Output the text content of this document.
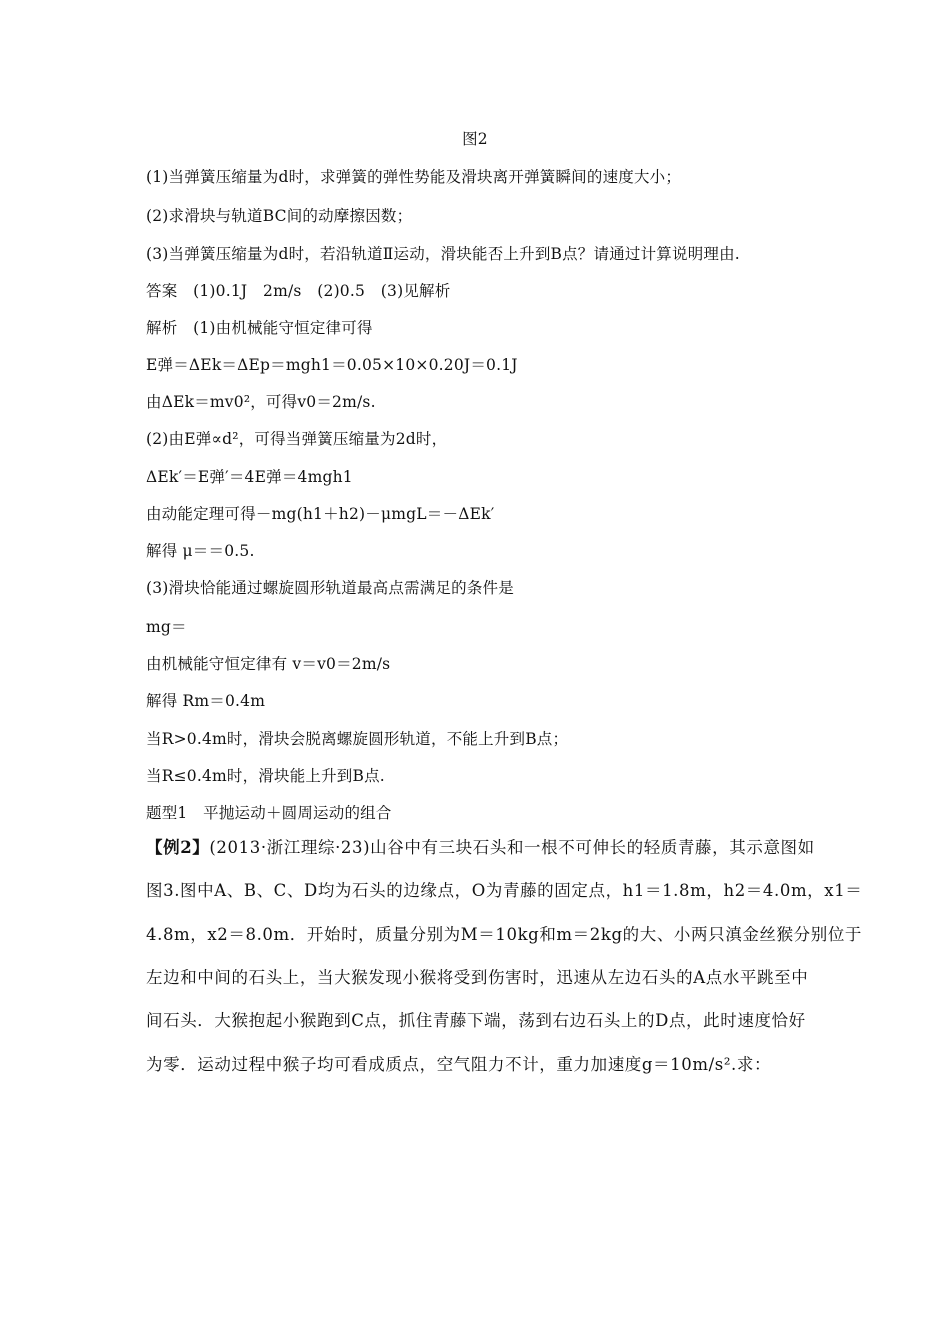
图2
(1)当弹簧压缩量为d时，求弹簧的弹性势能及滑块离开弹簧瞬间的速度大小；
(2)求滑块与轨道BC间的动摩擦因数；
(3)当弹簧压缩量为d时，若沿轨道Ⅱ运动，滑块能否上升到B点？请通过计算说明理由.
答案　(1)0.1J　2m/s　(2)0.5　(3)见解析
解析　(1)由机械能守恒定律可得
E弹＝ΔEk＝ΔEp＝mgh1＝0.05×10×0.20J＝0.1J
由ΔEk＝mv0²，可得v0＝2m/s.
(2)由E弹∝d²，可得当弹簧压缩量为2d时，
ΔEk′＝E弹′＝4E弹＝4mgh1
由动能定理可得－mg(h1＋h2)－μmgL＝－ΔEk′
解得 μ＝＝0.5.
(3)滑块恰能通过螺旋圆形轨道最高点需满足的条件是
mg＝
由机械能守恒定律有 v＝v0＝2m/s
解得 Rm＝0.4m
当R>0.4m时，滑块会脱离螺旋圆形轨道，不能上升到B点；
当R≤0.4m时，滑块能上升到B点.
题型1　平抛运动＋圆周运动的组合
【例2】(2013·浙江理综·23)山谷中有三块石头和一根不可伸长的轻质青藤，其示意图如
图3.图中A、B、C、D均为石头的边缘点，O为青藤的固定点，h1＝1.8m，h2＝4.0m，x1＝
4.8m，x2＝8.0m．开始时，质量分别为M＝10kg和m＝2kg的大、小两只滇金丝猴分别位于
左边和中间的石头上，当大猴发现小猴将受到伤害时，迅速从左边石头的A点水平跳至中
间石头．大猴抱起小猴跑到C点，抓住青藤下端，荡到右边石头上的D点，此时速度恰好
为零．运动过程中猴子均可看成质点，空气阻力不计，重力加速度g＝10m/s².求：
